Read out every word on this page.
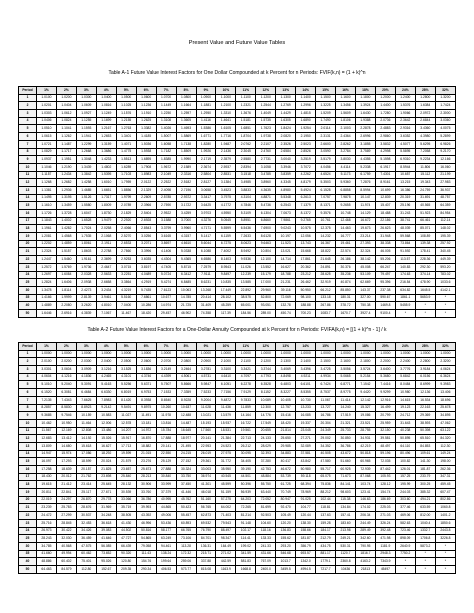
Present Value and Future Value Tables
Table A-1 Future Value Interest Factors for One Dollar Compounded at k Percent for n Periods: FVIF(k,n) = (1 + k)^n
Period	1%	2%	3%	4%	5%	6%	7%	8%	9%	10%	11%	12%	13%	14%	15%	16%	18%	20%	24%	28%	32%
1	1.0100	1.0200	1.0300	1.0400	1.0500	1.0600	1.0700	1.0800	1.0900	1.1000	1.1100	1.1200	1.1300	1.1400	1.1500	1.1600	1.1800	1.2000	1.2400	1.2800	1.3200
2	1.0201	1.0404	1.0609	1.0816	1.1025	1.1236	1.1449	1.1664	1.1881	1.2100	1.2321	1.2544	1.2769	1.2996	1.3225	1.3456	1.3924	1.4400	1.5376	1.6384	1.7424
3	1.0303	1.0612	1.0927	1.1249	1.1576	1.1910	1.2250	1.2597	1.2950	1.3310	1.3676	1.4049	1.4429	1.4815	1.5209	1.5609	1.6430	1.7280	1.9066	2.0972	2.3000
4	1.0406	1.0824	1.1255	1.1699	1.2155	1.2625	1.3108	1.3605	1.4116	1.4641	1.5181	1.5735	1.6305	1.6890	1.7490	1.8106	1.9388	2.0736	2.3642	2.6844	3.0360
5	1.0510	1.1041	1.1593	1.2167	1.2763	1.3382	1.4026	1.4693	1.5386	1.6105	1.6851	1.7623	1.8424	1.9254	2.0114	2.1003	2.2878	2.4883	2.9316	3.4360	4.0075
6	1.0615	1.1262	1.1941	1.2653	1.3401	1.4185	1.5007	1.5869	1.6771	1.7716	1.8704	1.9738	2.0820	2.1950	2.3131	2.4364	2.6996	2.9860	3.6352	4.3980	5.2899
7	1.0721	1.1487	1.2299	1.3159	1.4071	1.5036	1.6058	1.7138	1.8280	1.9487	2.0762	2.2107	2.3526	2.5023	2.6600	2.8262	3.1855	3.5832	4.5077	5.6295	6.9826
8	1.0829	1.1717	1.2668	1.3686	1.4775	1.5938	1.7182	1.8509	1.9926	2.1436	2.3045	2.4760	2.6584	2.8526	3.0590	3.2784	3.7589	4.2998	5.5895	7.2058	9.2170
9	1.0937	1.1951	1.3048	1.4233	1.5513	1.6895	1.8385	1.9990	2.1719	2.3579	2.5580	2.7731	3.0040	3.2519	3.5179	3.8030	4.4355	5.1598	6.9310	9.2234	12.166
10	1.1046	1.2190	1.3439	1.4802	1.6289	1.7908	1.9672	2.1589	2.3674	2.5937	2.8394	3.1058	3.3946	3.7072	4.0456	4.4114	5.2338	6.1917	8.5944	11.806	16.060
11	1.1157	1.2434	1.3842	1.5395	1.7103	1.8983	2.1049	2.3316	2.5804	2.8531	3.1518	3.4785	3.8359	4.2262	4.6524	5.1173	6.1759	7.4301	10.657	15.112	21.199
12	1.1268	1.2682	1.4258	1.6010	1.7959	2.0122	2.2522	2.5182	2.8127	3.1384	3.4985	3.8960	4.3345	4.8179	5.3503	5.9360	7.2876	8.9161	13.215	19.343	27.983
13	1.1381	1.2936	1.4685	1.6651	1.8856	2.1329	2.4098	2.7196	3.0658	3.4523	3.8833	4.3635	4.8980	5.4924	6.1528	6.8858	8.5994	10.699	16.386	24.759	36.937
14	1.1495	1.3195	1.5126	1.7317	1.9799	2.2609	2.5785	2.9372	3.3417	3.7975	4.3104	4.8871	5.5348	6.2613	7.0757	7.9875	10.147	12.839	20.319	31.691	48.757
15	1.1610	1.3459	1.5580	1.8009	2.0789	2.3966	2.7590	3.1722	3.6425	4.1772	4.7846	5.4736	6.2543	7.1379	8.1371	9.2655	11.974	15.407	25.196	40.565	64.359
16	1.1726	1.3728	1.6047	1.8730	2.1829	2.5404	2.9522	3.4259	3.9703	4.5950	5.3109	6.1304	7.0673	8.1372	9.3576	10.748	14.129	18.488	31.243	51.923	84.954
17	1.1843	1.4002	1.6528	1.9479	2.2920	2.6928	3.1588	3.7000	4.3276	5.0545	5.8951	6.8660	7.9861	9.2765	10.761	12.468	16.672	22.186	38.741	66.461	112.14
18	1.1961	1.4282	1.7024	2.0258	2.4066	2.8543	3.3799	3.9960	4.7171	5.5599	6.5436	7.6900	9.0243	10.575	12.375	14.463	19.673	26.623	48.039	85.071	148.02
19	1.2081	1.4568	1.7535	2.1068	2.5270	3.0256	3.6165	4.3157	5.1417	6.1159	7.2633	8.6128	10.197	12.056	14.232	16.777	23.214	31.948	59.568	108.89	195.39
20	1.2202	1.4859	1.8061	2.1911	2.6533	3.2071	3.8697	4.6610	5.6044	6.7275	8.0623	9.6463	11.523	13.743	16.367	19.461	27.393	38.338	73.864	139.38	257.92
21	1.2324	1.5157	1.8603	2.2788	2.7860	3.3996	4.1406	5.0338	6.1088	7.4002	8.9492	10.804	13.021	15.668	18.822	22.574	32.324	46.005	91.592	178.41	340.45
22	1.2447	1.5460	1.9161	2.3699	2.9253	3.6035	4.4304	5.4365	6.6586	8.1403	9.9336	12.100	14.714	17.861	21.645	26.186	38.142	55.206	113.57	228.36	449.39
23	1.2572	1.5769	1.9736	2.4647	3.0715	3.8197	4.7405	5.8715	7.2579	8.9543	11.026	13.552	16.627	20.362	24.891	30.376	45.008	66.247	140.83	292.30	593.20
24	1.2697	1.6084	2.0328	2.5633	3.2251	4.0489	5.0724	6.3412	7.9111	9.8497	12.239	15.179	18.788	23.212	28.625	35.236	53.109	79.497	174.63	374.14	783.02
25	1.2824	1.6406	2.0938	2.6658	3.3864	4.2919	5.4274	6.8485	8.6231	10.835	13.585	17.000	21.231	26.462	32.919	40.874	62.669	95.396	216.54	478.90	1033.6
30	1.3478	1.8114	2.4273	3.2434	4.3219	5.7435	7.6123	10.063	13.268	17.449	22.892	29.960	39.116	50.950	66.212	85.850	143.37	237.38	634.82	1645.5	4142.1
35	1.4166	1.9999	2.8139	3.9461	5.5160	7.6861	10.677	14.785	20.414	28.102	38.575	52.800	72.069	98.100	133.18	180.31	327.00	590.67	1861.1	5653.9	*
40	1.4889	2.2080	3.2620	4.8010	7.0400	10.286	14.974	21.725	31.409	45.259	65.001	93.051	132.78	188.88	267.86	378.72	750.38	1469.8	5455.9	*	*
50	1.6446	2.6916	4.3839	7.1067	11.467	18.420	29.457	46.902	74.358	117.39	184.56	289.00	450.74	700.23	1083.7	1670.7	3927.4	9100.4	*	*	*
Table A-2 Future Value Interest Factors for a One-Dollar Annuity Compounded at k Percent for n Periods: FVIFA(k,n) = [(1 + k)^n - 1] / k
Period	1%	2%	3%	4%	5%	6%	7%	8%	9%	10%	11%	12%	13%	14%	15%	16%	18%	20%	24%	28%	32%
1	1.0000	1.0000	1.0000	1.0000	1.0000	1.0000	1.0000	1.0000	1.0000	1.0000	1.0000	1.0000	1.0000	1.0000	1.0000	1.0000	1.0000	1.0000	1.0000	1.0000	1.0000
2	2.0100	2.0200	2.0300	2.0400	2.0500	2.0600	2.0700	2.0800	2.0900	2.1000	2.1100	2.1200	2.1300	2.1400	2.1500	2.1600	2.1800	2.2000	2.2400	2.2800	2.3200
3	3.0301	3.0604	3.0909	3.1216	3.1525	3.1836	3.2149	3.2464	3.2781	3.3100	3.3421	3.3744	3.4069	3.4396	3.4725	3.5056	3.5724	3.6400	3.7776	3.9184	4.0624
4	4.0604	4.1216	4.1836	4.2465	4.3101	4.3746	4.4399	4.5061	4.5731	4.6410	4.7097	4.7793	4.8498	4.9211	4.9934	5.0665	5.2154	5.3680	5.6842	6.0156	6.3624
5	5.1010	5.2040	5.3091	5.4163	5.5256	5.6371	5.7507	5.8666	5.9847	6.1051	6.2278	6.3528	6.4803	6.6101	6.7424	6.8771	7.1542	7.4416	8.0484	8.6999	9.3983
6	6.1520	6.3081	6.4684	6.6330	6.8019	6.9753	7.1533	7.3359	7.5233	7.7156	7.9129	8.1152	8.3227	8.5355	8.7537	8.9775	9.4420	9.9299	10.980	12.136	13.406
7	7.2135	7.4343	7.6625	7.8983	8.1420	8.3938	8.6540	8.9228	9.2004	9.4872	9.7833	10.089	10.405	10.730	11.067	11.414	12.142	12.916	14.615	16.534	18.696
8	8.2857	8.5830	8.8923	9.2142	9.5491	9.8975	10.260	10.637	11.028	11.436	11.859	12.300	12.757	13.233	13.727	14.240	15.327	16.499	19.123	22.163	25.678
9	9.3685	9.7546	10.159	10.583	11.027	11.491	11.978	12.488	13.021	13.579	14.164	14.776	15.416	16.085	16.786	17.519	19.086	20.799	24.712	29.369	34.895
10	10.462	10.950	11.464	12.006	12.578	13.181	13.816	14.487	15.193	15.937	16.722	17.549	18.420	19.337	20.304	21.321	23.521	25.959	31.643	38.593	47.062
11	11.567	12.169	12.808	13.486	14.207	14.972	15.784	16.645	17.560	18.531	19.561	20.655	21.814	23.045	24.349	25.733	28.755	32.150	40.238	50.398	63.122
12	12.683	13.412	14.192	15.026	15.917	16.870	17.888	18.977	20.141	21.384	22.713	24.133	25.650	27.271	29.002	30.850	34.931	39.581	50.895	65.510	84.320
13	13.809	14.680	15.618	16.627	17.713	18.882	20.141	21.495	22.953	24.523	26.212	28.029	29.985	32.089	34.352	36.786	42.219	48.497	64.110	84.853	112.30
14	14.947	15.974	17.086	18.292	19.599	21.015	22.550	24.215	26.019	27.975	30.095	32.393	34.883	37.581	40.505	43.672	50.818	59.196	80.496	109.61	149.24
15	16.097	17.293	18.599	20.024	21.579	23.276	25.129	27.152	29.361	31.772	34.405	37.280	40.417	43.842	47.580	51.660	60.965	72.035	100.82	141.30	198.00
16	17.258	18.639	20.157	21.825	23.657	25.673	27.888	30.324	33.003	35.950	39.190	42.753	46.672	50.980	55.717	60.925	72.939	87.442	126.01	181.87	262.36
17	18.430	20.012	21.762	23.698	25.840	28.213	30.840	33.750	36.974	40.545	44.501	48.884	53.739	59.118	65.075	71.673	87.068	105.93	157.25	233.79	347.31
18	19.615	21.412	23.414	25.645	28.132	30.906	33.999	37.450	41.301	45.599	50.396	55.750	61.725	68.394	75.836	84.141	103.74	128.12	195.99	300.25	459.45
19	20.811	22.841	25.117	27.671	30.539	33.760	37.379	41.446	46.018	51.159	56.939	63.440	70.749	78.969	88.212	98.603	123.41	154.74	244.03	385.32	607.47
20	22.019	24.297	26.870	29.778	33.066	36.786	40.995	45.762	51.160	57.275	64.203	72.052	80.947	91.025	102.44	115.38	146.63	186.69	303.60	494.21	802.86
21	23.239	25.783	28.676	31.969	35.719	39.993	44.865	50.423	56.765	64.002	72.265	81.699	92.470	104.77	118.81	134.84	174.02	225.03	377.46	633.59	1060.8
22	24.472	27.299	30.537	34.248	38.505	43.392	49.006	55.457	62.873	71.403	81.214	92.503	105.49	120.44	137.63	157.41	206.34	271.03	469.06	812.00	1401.2
23	25.716	28.845	32.453	36.618	41.430	46.996	53.436	60.893	69.532	79.543	91.148	104.60	120.20	138.30	159.28	183.60	244.49	326.24	582.63	1040.4	1850.6
24	26.973	30.422	34.426	39.083	44.502	50.816	58.177	66.765	76.790	88.497	102.17	118.16	136.83	158.66	184.17	213.98	289.49	392.48	723.46	1332.7	2443.8
25	28.243	32.030	36.459	41.646	47.727	54.865	63.249	73.106	84.701	98.347	114.41	133.33	155.62	181.87	212.79	249.21	342.60	471.98	898.09	1706.8	3226.8
30	34.785	40.568	47.575	56.085	66.439	79.058	94.461	113.28	136.31	164.49	199.02	241.33	293.20	356.79	434.75	530.31	790.95	1181.9	2640.9	5873.2	*
35	41.660	49.994	60.462	73.652	90.320	111.43	138.24	172.32	215.71	271.02	341.59	431.66	546.68	693.57	881.17	1120.7	1816.7	2948.3	7750.2	*	*
40	48.886	60.402	75.401	95.026	120.80	154.76	199.64	259.06	337.88	442.59	581.83	767.09	1013.7	1342.0	1779.1	2360.8	4163.2	7343.9	*	*	*
50	64.463	84.579	112.80	152.67	209.35	290.34	406.53	573.77	815.08	1163.9	1668.8	2400.0	3459.5	4994.5	7217.7	10436	21813	45497	*	*	*
